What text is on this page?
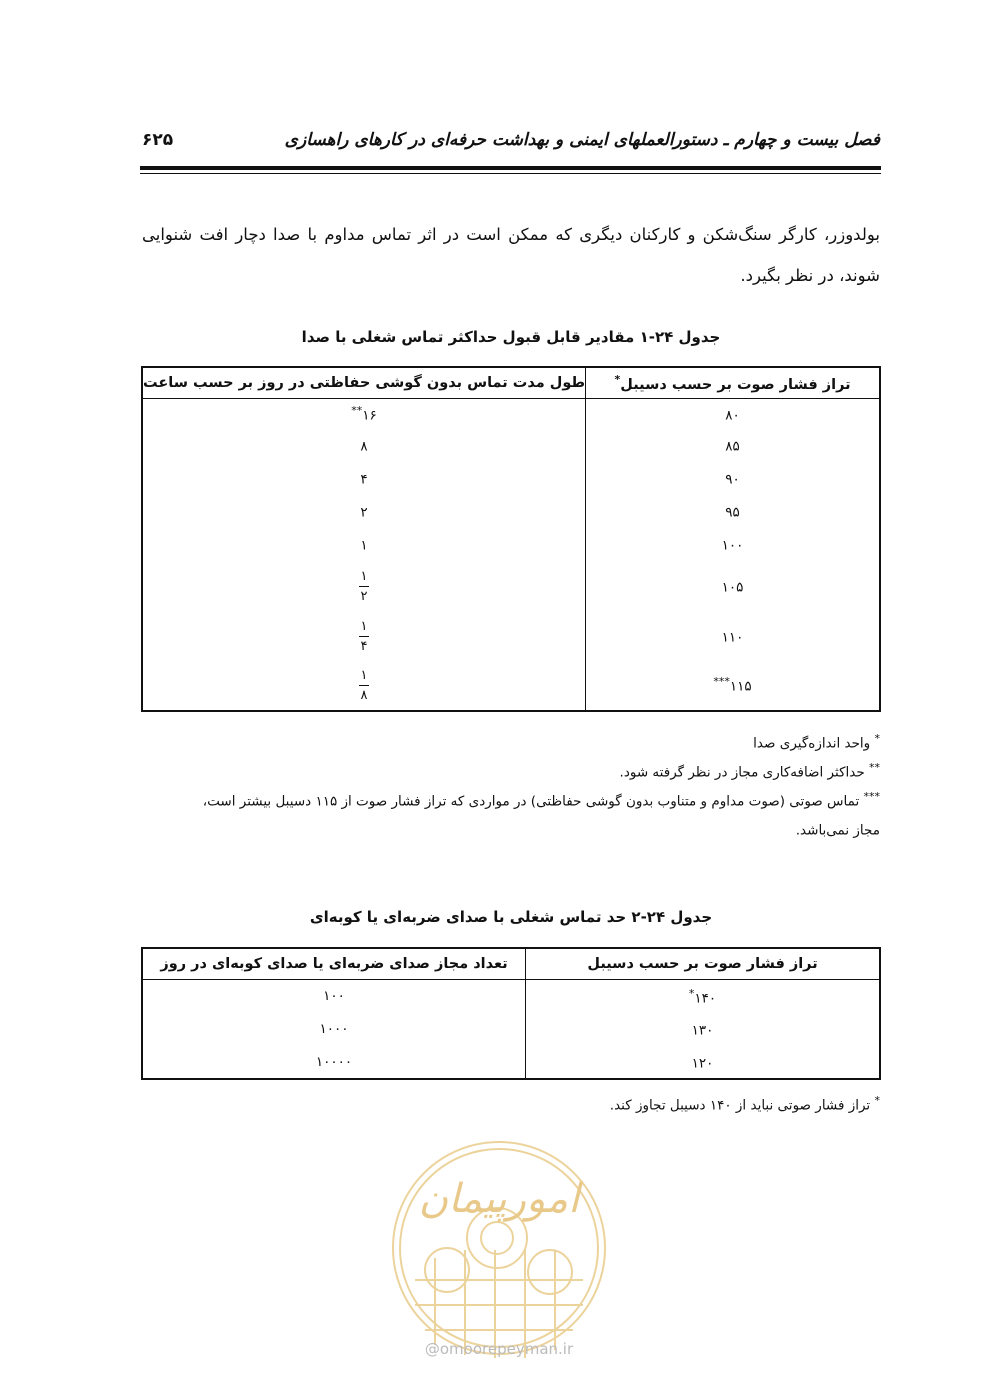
فصل بیست و چهارم ـ دستورالعملهای ایمنی و بهداشت حرفه‌ای در کارهای راهسازی
۶۲۵
بولدوزر، کارگر سنگ‌شکن و کارکنان دیگری که ممکن است در اثر تماس مداوم با صدا دچار افت شنوایی شوند، در نظر بگیرد.
جدول ۲۴-۱ مقادیر قابل قبول حداکثر تماس شغلی با صدا
تراز فشار صوت بر حسب دسیبل*	طول مدت تماس بدون گوشی حفاظتی در روز بر حسب ساعت
۸۰	۱۶**
۸۵	۸
۹۰	۴
۹۵	۲
۱۰۰	۱
۱۰۵	$\frac{۱}{۲}$

۱۱۰	$\frac{۱}{۴}$

۱۱۵***	$\frac{۱}{۸}$
* واحد اندازه‌گیری صدا
** حداکثر اضافه‌کاری مجاز در نظر گرفته شود.
*** تماس صوتی (صوت مداوم و متناوب بدون گوشی حفاظتی) در مواردی که تراز فشار صوت از ۱۱۵ دسیبل بیشتر است،
مجاز نمی‌باشد.
جدول ۲۴-۲ حد تماس شغلی با صدای ضربه‌ای یا کوبه‌ای
تراز فشار صوت بر حسب دسیبل	تعداد مجاز صدای ضربه‌ای یا صدای کوبه‌ای در روز
۱۴۰*	۱۰۰
۱۳۰	۱۰۰۰
۱۲۰	۱۰۰۰۰
* تراز فشار صوتی نباید از ۱۴۰ دسیبل تجاوز کند.
امورپیمان
@omoorepeyman.ir
